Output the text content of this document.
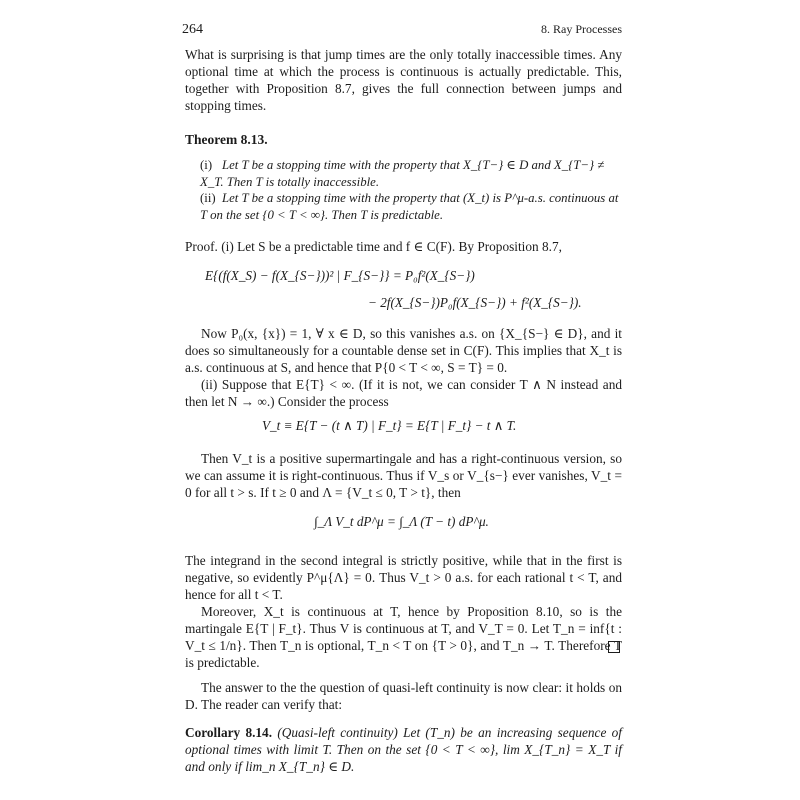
264	8. Ray Processes
What is surprising is that jump times are the only totally inaccessible times. Any optional time at which the process is continuous is actually predictable. This, together with Proposition 8.7, gives the full connection between jumps and stopping times.
Theorem 8.13.
(i) Let T be a stopping time with the property that X_{T−} ∈ D and X_{T−} ≠ X_T. Then T is totally inaccessible.
(ii) Let T be a stopping time with the property that (X_t) is P^μ-a.s. continuous at T on the set {0 < T < ∞}. Then T is predictable.
Proof. (i) Let S be a predictable time and f ∈ C(F). By Proposition 8.7,
E{(f(X_S) − f(X_{S−}))² | F_{S−}} = P₀f²(X_{S−})
− 2f(X_{S−})P₀f(X_{S−}) + f²(X_{S−}).
Now P₀(x, {x}) = 1, ∀ x ∈ D, so this vanishes a.s. on {X_{S−} ∈ D}, and it does so simultaneously for a countable dense set in C(F). This implies that X_t is a.s. continuous at S, and hence that P{0 < T < ∞, S = T} = 0.
(ii) Suppose that E{T} < ∞. (If it is not, we can consider T ∧ N instead and then let N → ∞.) Consider the process
V_t ≡ E{T − (t ∧ T) | F_t} = E{T | F_t} − t ∧ T.
Then V_t is a positive supermartingale and has a right-continuous version, so we can assume it is right-continuous. Thus if V_s or V_{s−} ever vanishes, V_t = 0 for all t > s. If t ≥ 0 and Λ = {V_t ≤ 0, T > t}, then
∫_Λ V_t dP^μ = ∫_Λ (T − t) dP^μ.
The integrand in the second integral is strictly positive, while that in the first is negative, so evidently P^μ{Λ} = 0. Thus V_t > 0 a.s. for each rational t < T, and hence for all t < T.
Moreover, X_t is continuous at T, hence by Proposition 8.10, so is the martingale E{T | F_t}. Thus V is continuous at T, and V_T = 0. Let T_n = inf{t : V_t ≤ 1/n}. Then T_n is optional, T_n < T on {T > 0}, and T_n → T. Therefore T is predictable.
The answer to the the question of quasi-left continuity is now clear: it holds on D. The reader can verify that:
Corollary 8.14. (Quasi-left continuity) Let (T_n) be an increasing sequence of optional times with limit T. Then on the set {0 < T < ∞}, lim X_{T_n} = X_T if and only if lim_n X_{T_n} ∈ D.
